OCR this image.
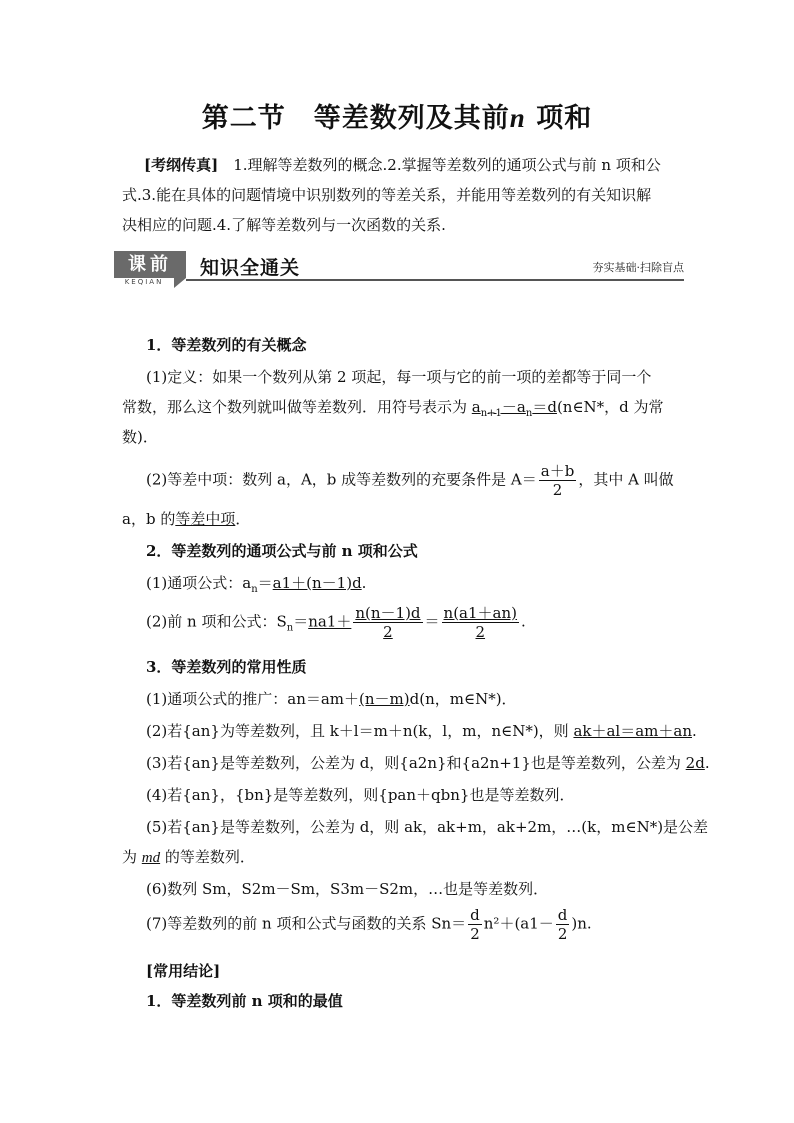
第二节　等差数列及其前n 项和
[考纲传真]　 1.理解等差数列的概念.2.掌握等差数列的通项公式与前 n 项和公
式.3.能在具体的问题情境中识别数列的等差关系，并能用等差数列的有关知识解
决相应的问题.4.了解等差数列与一次函数的关系.
课前
KEQIAN
知识全通关	夯实基础·扫除盲点
1．等差数列的有关概念
(1)定义：如果一个数列从第 2 项起，每一项与它的前一项的差都等于同一个
常数，那么这个数列就叫做等差数列．用符号表示为 $a_{n+1}-a_n=d(n\in N*$，d 为常
数)．
(2)等差中项：数列 a，A，b 成等差数列的充要条件是 $A= \frac{a+b}{2}$ ，其中 A 叫做
a，b 的等差中项．
2．等差数列的通项公式与前 n 项和公式
(1)通项公式：$a_n=a1+(n-1)d$.
(2)前 n 项和公式：$S_n=na1+ \frac{n(n-1)d}{2} = \frac{n(a1+an)}{2}$ .
3．等差数列的常用性质
(1)通项公式的推广：an＝am＋(n－m)d(n，m∈N*)．
(2)若{an}为等差数列，且 k＋l＝m＋n(k，l，m，n∈N*)，则 ak＋al＝am＋an.
(3)若{an}是等差数列，公差为 d，则{a2n}和{a2n+1}也是等差数列，公差为 2d.
(4)若{an}，{bn}是等差数列，则{pan＋qbn}也是等差数列．
(5)若{an}是等差数列，公差为 d，则 ak，ak+m，ak+2m，…(k，m∈N*)是公差
为 md 的等差数列．
(6)数列 Sm，S2m－Sm，S3m－S2m，…也是等差数列．
(7)等差数列的前 n 项和公式与函数的关系 $Sn= \frac{d}{2} n^2+(a1- \frac{d}{2} )n$.
[常用结论]
1．等差数列前 n 项和的最值
